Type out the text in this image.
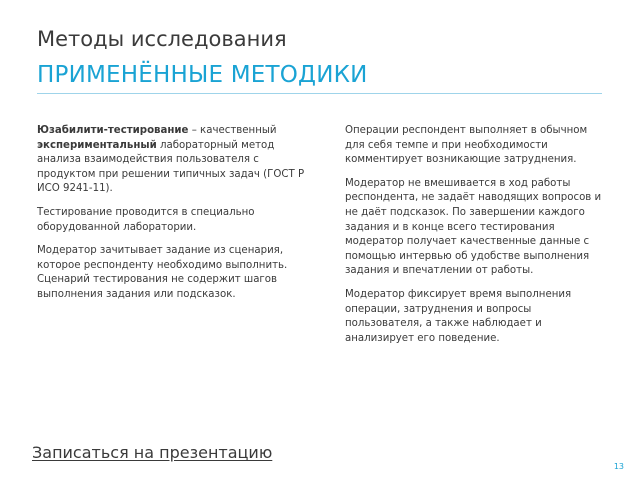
Методы исследования
ПРИМЕНЁННЫЕ МЕТОДИКИ

Юзабилити-тестирование – качественный экспериментальный лабораторный метод анализа взаимодействия пользователя с продуктом при решении типичных задач (ГОСТ Р ИСО 9241-11).

Тестирование проводится в специально оборудованной лаборатории.

Модератор зачитывает задание из сценария, которое респонденту необходимо выполнить. Сценарий тестирования не содержит шагов выполнения задания или подсказок.

Операции респондент выполняет в обычном для себя темпе и при необходимости комментирует возникающие затруднения.

Модератор не вмешивается в ход работы респондента, не задаёт наводящих вопросов и не даёт подсказок. По завершении каждого задания и в конце всего тестирования модератор получает качественные данные с помощью интервью об удобстве выполнения задания и впечатлении от работы.

Модератор фиксирует время выполнения операции, затруднения и вопросы пользователя, а также наблюдает и анализирует его поведение.

Записаться на презентацию
13
